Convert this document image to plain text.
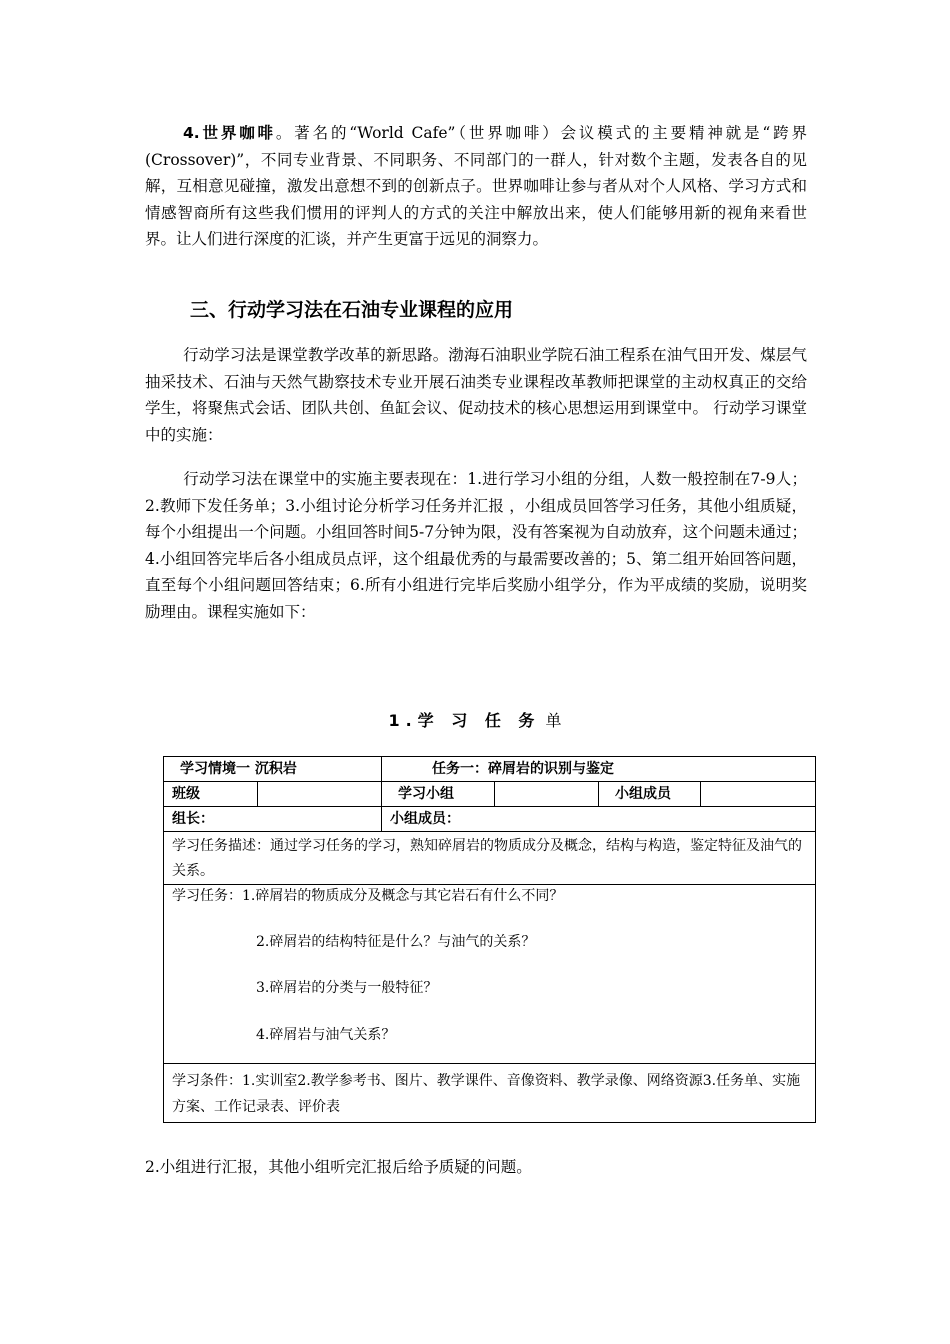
4.世界咖啡。著名的“World Cafe”（世界咖啡）会议模式的主要精神就是“跨界(Crossover)”，不同专业背景、不同职务、不同部门的一群人，针对数个主题，发表各自的见解，互相意见碰撞，激发出意想不到的创新点子。世界咖啡让参与者从对个人风格、学习方式和情感智商所有这些我们惯用的评判人的方式的关注中解放出来，使人们能够用新的视角来看世界。让人们进行深度的汇谈，并产生更富于远见的洞察力。

三、行动学习法在石油专业课程的应用

行动学习法是课堂教学改革的新思路。渤海石油职业学院石油工程系在油气田开发、煤层气抽采技术、石油与天然气勘察技术专业开展石油类专业课程改革教师把课堂的主动权真正的交给学生，将聚焦式会话、团队共创、鱼缸会议、促动技术的核心思想运用到课堂中。 行动学习课堂中的实施：

行动学习法在课堂中的实施主要表现在：1.进行学习小组的分组，人数一般控制在7-9人；2.教师下发任务单；3.小组讨论分析学习任务并汇报 ，小组成员回答学习任务，其他小组质疑，每个小组提出一个问题。小组回答时间5-7分钟为限，没有答案视为自动放弃，这个问题未通过；4.小组回答完毕后各小组成员点评，这个组最优秀的与最需要改善的；5、第二组开始回答问题，直至每个小组问题回答结束；6.所有小组进行完毕后奖励小组学分，作为平成绩的奖励，说明奖励理由。课程实施如下：

1.学 习 任 务 单
学习情境一 沉积岩		任务一：碎屑岩的识别与鉴定			
班级		学习小组		小组成员	
组长：		小组成员：			
学习任务描述：通过学习任务的学习，熟知碎屑岩的物质成分及概念，结构与构造，鉴定特征及油气的关系。					

学习任务：1.碎屑岩的物质成分及概念与其它岩石有什么不同？
2.碎屑岩的结构特征是什么？与油气的关系？
3.碎屑岩的分类与一般特征？
4.碎屑岩与油气关系？					

学习条件：1.实训室2.教学参考书、图片、教学课件、音像资料、教学录像、网络资源3.任务单、实施方案、工作记录表、评价表					
2.小组进行汇报，其他小组听完汇报后给予质疑的问题。
